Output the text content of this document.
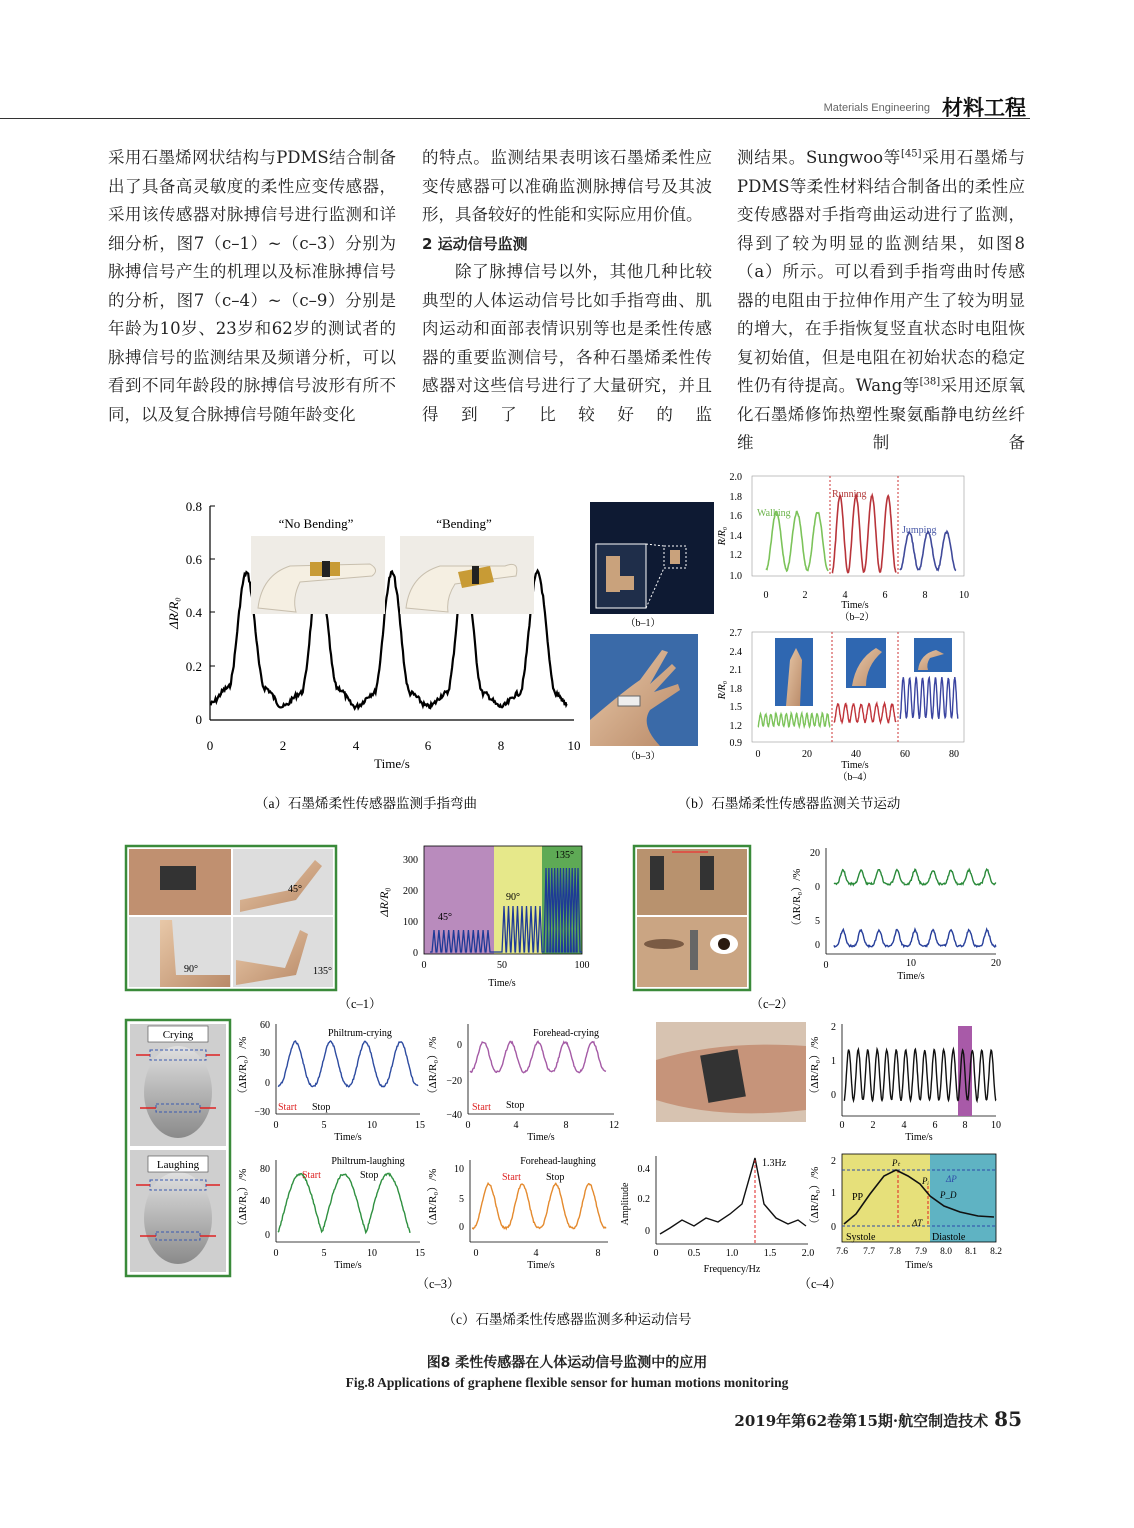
Materials Engineering 材料工程

采用石墨烯网状结构与PDMS结合制备出了具备高灵敏度的柔性应变传感器，采用该传感器对脉搏信号进行监测和详细分析，图7（c–1）~（c–3）分别为脉搏信号产生的机理以及标准脉搏信号的分析，图7（c–4）~（c–9）分别是年龄为10岁、23岁和62岁的测试者的脉搏信号的监测结果及频谱分析，可以看到不同年龄段的脉搏信号波形有所不同，以及复合脉搏信号随年龄变化

的特点。监测结果表明该石墨烯柔性应变传感器可以准确监测脉搏信号及其波形，具备较好的性能和实际应用价值。

2 运动信号监测

除了脉搏信号以外，其他几种比较典型的人体运动信号比如手指弯曲、肌肉运动和面部表情识别等也是柔性传感器的重要监测信号，各种石墨烯柔性传感器对这些信号进行了大量研究，并且得到了比较好的监

测结果。Sungwoo等[45]采用石墨烯与PDMS等柔性材料结合制备出的柔性应变传感器对手指弯曲运动进行了监测，得到了较为明显的监测结果，如图8（a）所示。可以看到手指弯曲时传感器的电阻由于拉伸作用产生了较为明显的增大，在手指恢复竖直状态时电阻恢复初始值，但是电阻在初始状态的稳定性仍有待提高。Wang等[38]采用还原氧化石墨烯修饰热塑性聚氨酯静电纺丝纤维制备

0.8
0.6
0.4
0.2
0
0	2	4	6	8	10
Time/s
ΔR/R₀
“No Bending”	“Bending”
（a）石墨烯柔性传感器监测手指弯曲
（b–1）
（b–3）
2.0
1.8
1.6
1.4
1.2
1.0
0	2	4	6	8	10
Time/s
（b–2）
R/R₀
Walking
Running
Jumping
2.7
2.4
2.1
1.8
1.5
1.2
0.9
0	20	40	60	80
Time/s
（b–4）
R/R₀
（b）石墨烯柔性传感器监测关节运动
45°
90°	135°
300
200
100
0
0	50	100
Time/s
ΔR/R₀
45°
90°
135°
（c–1）
20
0
5
0
0	10	20
Time/s
（ΔR/R₀）/%
（c–2）
Crying
Laughing
60
30
0
−30
0	5	10	15
Time/s
（ΔR/R₀）/%
Philtrum-crying
Start Stop
0
−20
−40
0	4	8	12
Time/s
（ΔR/R₀）/%
Forehead-crying
Start Stop
80
40
0
0	5	10	15
Time/s
（ΔR/R₀）/%
Philtrum-laughing
Start	Stop
10
5
0
0	4	8
Time/s
（ΔR/R₀）/%
Forehead-laughing
Start	Stop
（c–3）
2
1
0
0	2	4	6	8 10
Time/s
（ΔR/R₀）/%
0.4
0.2
0
0	0.5	1.0	1.5	2.0
Frequency/Hz
Amplitude
1.3Hz	2
1
0
7.6 7.7 7.8 7.9 8.0 8.1 8.2
Time/s
（ΔR/R₀）/%	PP
Systole	Diastole
Pₜ
Pᵢ
P_D
ΔP
ΔT
（c–4）
（c）石墨烯柔性传感器监测多种运动信号
图8 柔性传感器在人体运动信号监测中的应用
Fig.8 Applications of graphene flexible sensor for human motions monitoring
2019年第62卷第15期·航空制造技术 85
